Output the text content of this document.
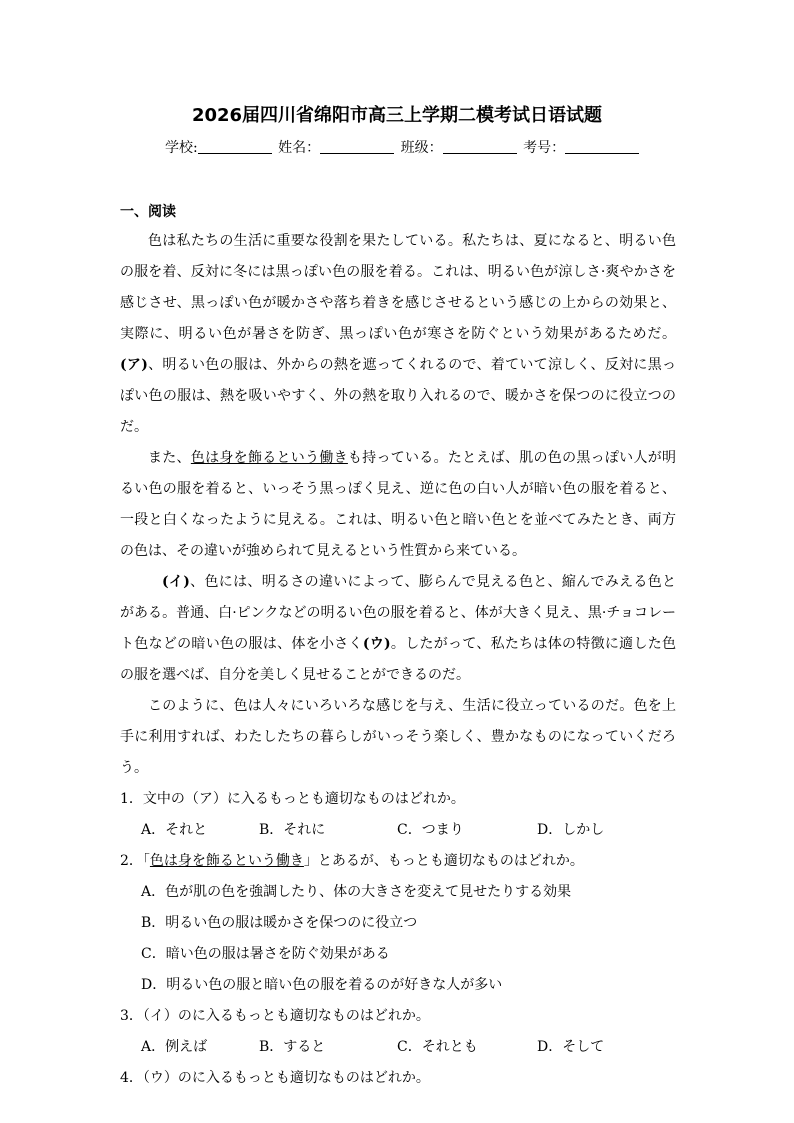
2026届四川省绵阳市高三上学期二模考试日语试题
学校:	姓名：	班级：	考号：
一、阅读

色は私たちの生活に重要な役割を果たしている。私たちは、夏になると、明るい色の服を着、反対に冬には黒っぽい色の服を着る。これは、明るい色が涼しさ·爽やかさを感じさせ、黒っぽい色が暖かさや落ち着きを感じさせるという感じの上からの効果と、実際に、明るい色が暑さを防ぎ、黒っぽい色が寒さを防ぐという効果があるためだ。(ア)、明るい色の服は、外からの熱を遮ってくれるので、着ていて涼しく、反対に黒っぽい色の服は、熱を吸いやすく、外の熱を取り入れるので、暖かさを保つのに役立つのだ。

また、色は身を飾るという働きも持っている。たとえば、肌の色の黒っぽい人が明るい色の服を着ると、いっそう黒っぽく見え、逆に色の白い人が暗い色の服を着ると、一段と白くなったように見える。これは、明るい色と暗い色とを並べてみたとき、両方の色は、その違いが強められて見えるという性質から来ている。

(イ)、色には、明るさの違いによって、膨らんで見える色と、縮んでみえる色とがある。普通、白·ピンクなどの明るい色の服を着ると、体が大きく見え、黒·チョコレート色などの暗い色の服は、体を小さく(ウ)。したがって、私たちは体の特徴に適した色の服を選べば、自分を美しく見せることができるのだ。

このように、色は人々にいろいろな感じを与え、生活に役立っているのだ。色を上手に利用すれば、わたしたちの暮らしがいっそう楽しく、豊かなものになっていくだろう。

1．文中の（ア）に入るもっとも適切なものはどれか。
A．それと	B．それに	C．つまり	D．しかし
2．「色は身を飾るという働き」とあるが、もっとも適切なものはどれか。
A．色が肌の色を強調したり、体の大きさを変えて見せたりする効果
B．明るい色の服は暖かさを保つのに役立つ
C．暗い色の服は暑さを防ぐ効果がある
D．明るい色の服と暗い色の服を着るのが好きな人が多い
3．（イ）のに入るもっとも適切なものはどれか。
A．例えば	B．すると	C．それとも	D．そして
4．（ウ）のに入るもっとも適切なものはどれか。
